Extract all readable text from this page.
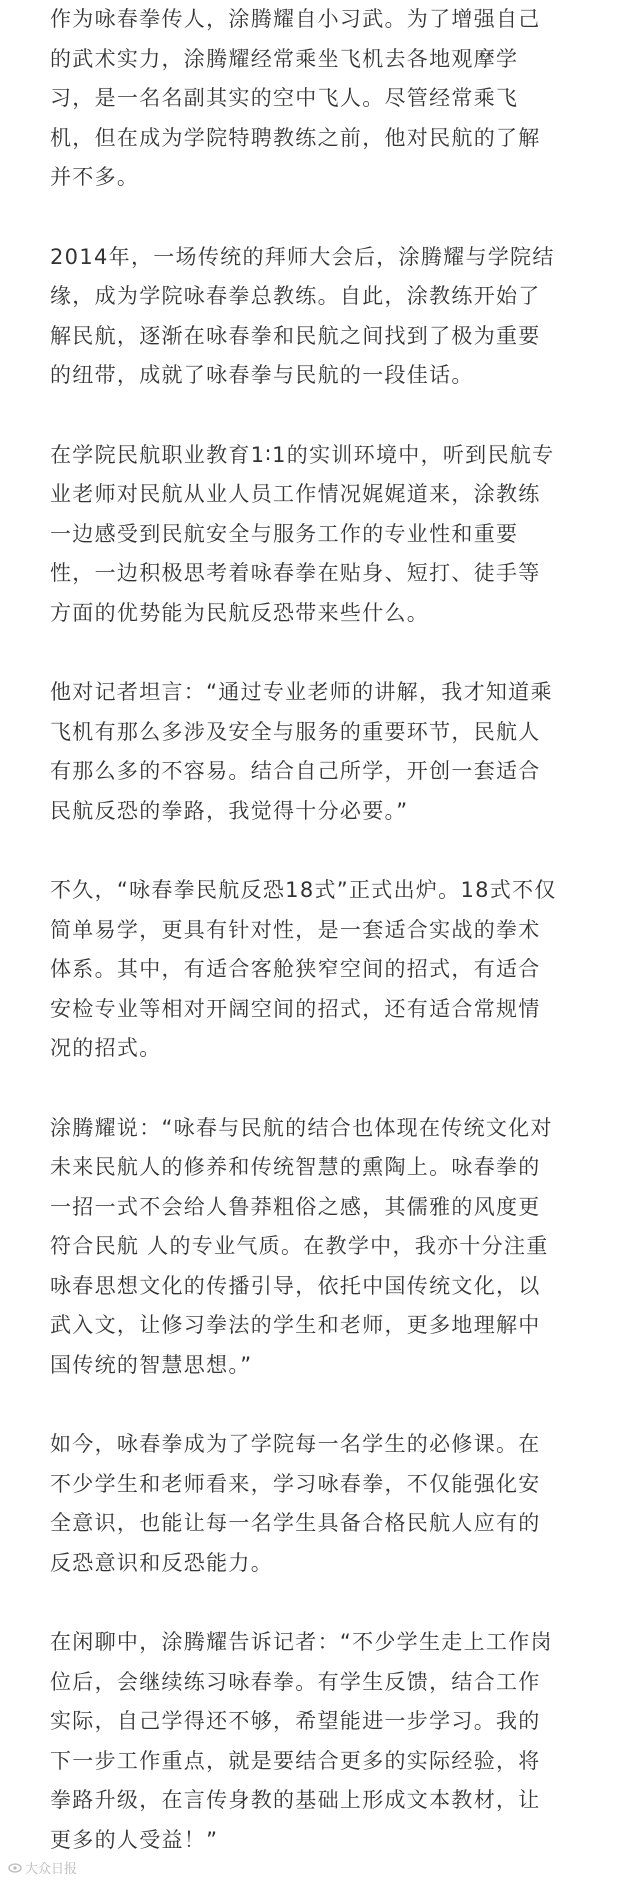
作为咏春拳传人，涂腾耀自小习武。为了增强自己
的武术实力，涂腾耀经常乘坐飞机去各地观摩学
习，是一名名副其实的空中飞人。尽管经常乘飞
机，但在成为学院特聘教练之前，他对民航的了解
并不多。

2014年，一场传统的拜师大会后，涂腾耀与学院结
缘，成为学院咏春拳总教练。自此，涂教练开始了
解民航，逐渐在咏春拳和民航之间找到了极为重要
的纽带，成就了咏春拳与民航的一段佳话。

在学院民航职业教育1∶1的实训环境中，听到民航专
业老师对民航从业人员工作情况娓娓道来，涂教练
一边感受到民航安全与服务工作的专业性和重要
性，一边积极思考着咏春拳在贴身、短打、徒手等
方面的优势能为民航反恐带来些什么。

他对记者坦言：“通过专业老师的讲解，我才知道乘
飞机有那么多涉及安全与服务的重要环节，民航人
有那么多的不容易。结合自己所学，开创一套适合
民航反恐的拳路，我觉得十分必要。”

不久，“咏春拳民航反恐18式”正式出炉。18式不仅
简单易学，更具有针对性，是一套适合实战的拳术
体系。其中，有适合客舱狭窄空间的招式，有适合
安检专业等相对开阔空间的招式，还有适合常规情
况的招式。

涂腾耀说：“咏春与民航的结合也体现在传统文化对
未来民航人的修养和传统智慧的熏陶上。咏春拳的
一招一式不会给人鲁莽粗俗之感，其儒雅的风度更
符合民航 人的专业气质。在教学中，我亦十分注重
咏春思想文化的传播引导，依托中国传统文化，以
武入文，让修习拳法的学生和老师，更多地理解中
国传统的智慧思想。”

如今，咏春拳成为了学院每一名学生的必修课。在
不少学生和老师看来，学习咏春拳，不仅能强化安
全意识，也能让每一名学生具备合格民航人应有的
反恐意识和反恐能力。

在闲聊中，涂腾耀告诉记者：“不少学生走上工作岗
位后，会继续练习咏春拳。有学生反馈，结合工作
实际，自己学得还不够，希望能进一步学习。我的
下一步工作重点，就是要结合更多的实际经验，将
拳路升级，在言传身教的基础上形成文本教材，让
更多的人受益！”

大众日报
